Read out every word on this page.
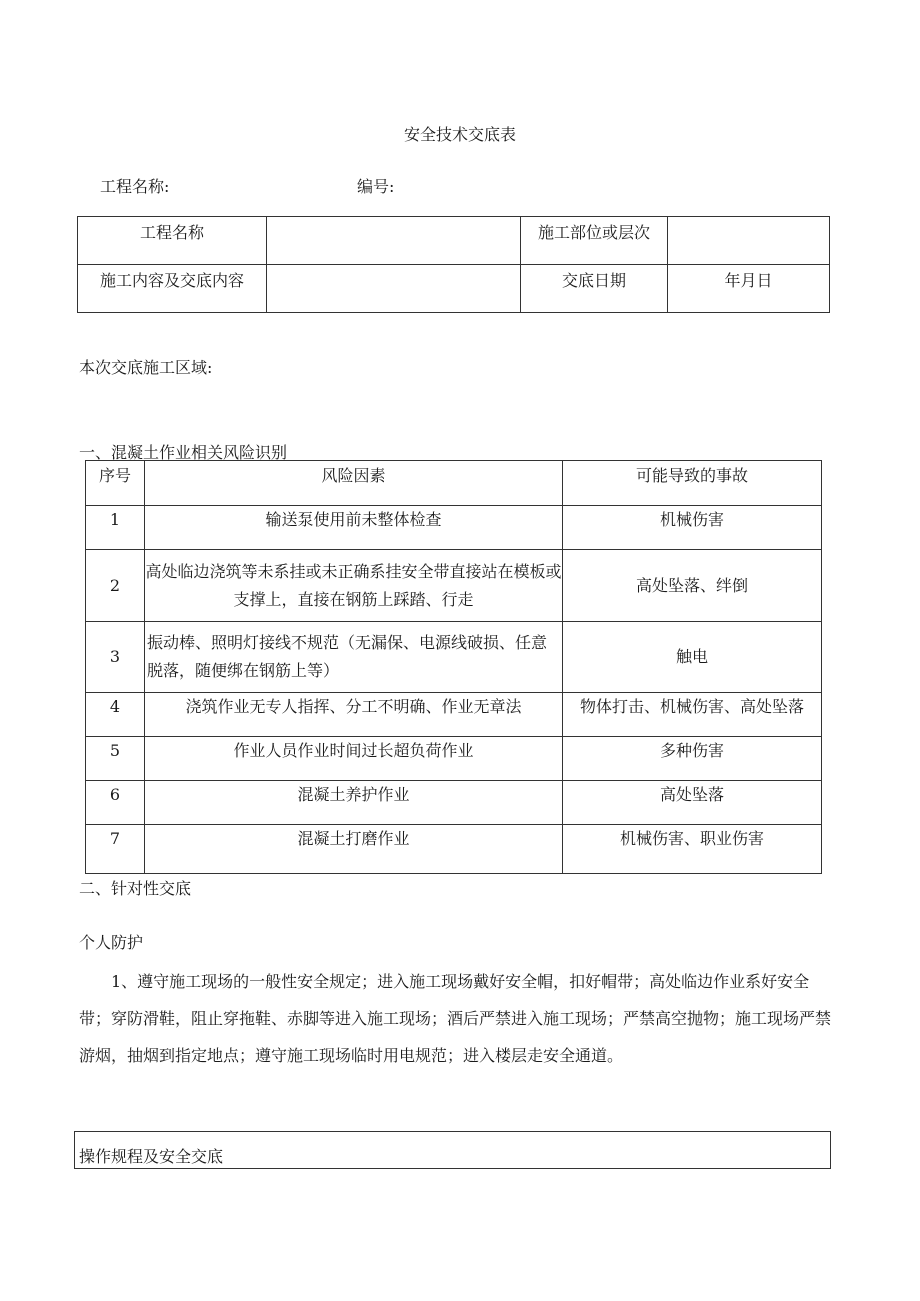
安全技术交底表
工程名称:	编号:
工程名称		施工部位或层次	
施工内容及交底内容		交底日期	年月日
本次交底施工区域:
一、混凝土作业相关风险识别
序号	风险因素	可能导致的事故
1	输送泵使用前未整体检查	机械伤害
2	高处临边浇筑等未系挂或未正确系挂安全带直接站在模板或支撑上，直接在钢筋上踩踏、行走	高处坠落、绊倒
3	振动棒、照明灯接线不规范（无漏保、电源线破损、任意脱落，随便绑在钢筋上等）	触电
4	浇筑作业无专人指挥、分工不明确、作业无章法	物体打击、机械伤害、高处坠落
5	作业人员作业时间过长超负荷作业	多种伤害
6	混凝土养护作业	高处坠落
7	混凝土打磨作业	机械伤害、职业伤害
二、针对性交底
个人防护
1、遵守施工现场的一般性安全规定；进入施工现场戴好安全帽，扣好帽带；高处临边作业系好安全带；穿防滑鞋，阻止穿拖鞋、赤脚等进入施工现场；酒后严禁进入施工现场；严禁高空抛物；施工现场严禁游烟，抽烟到指定地点；遵守施工现场临时用电规范；进入楼层走安全通道。
操作规程及安全交底
